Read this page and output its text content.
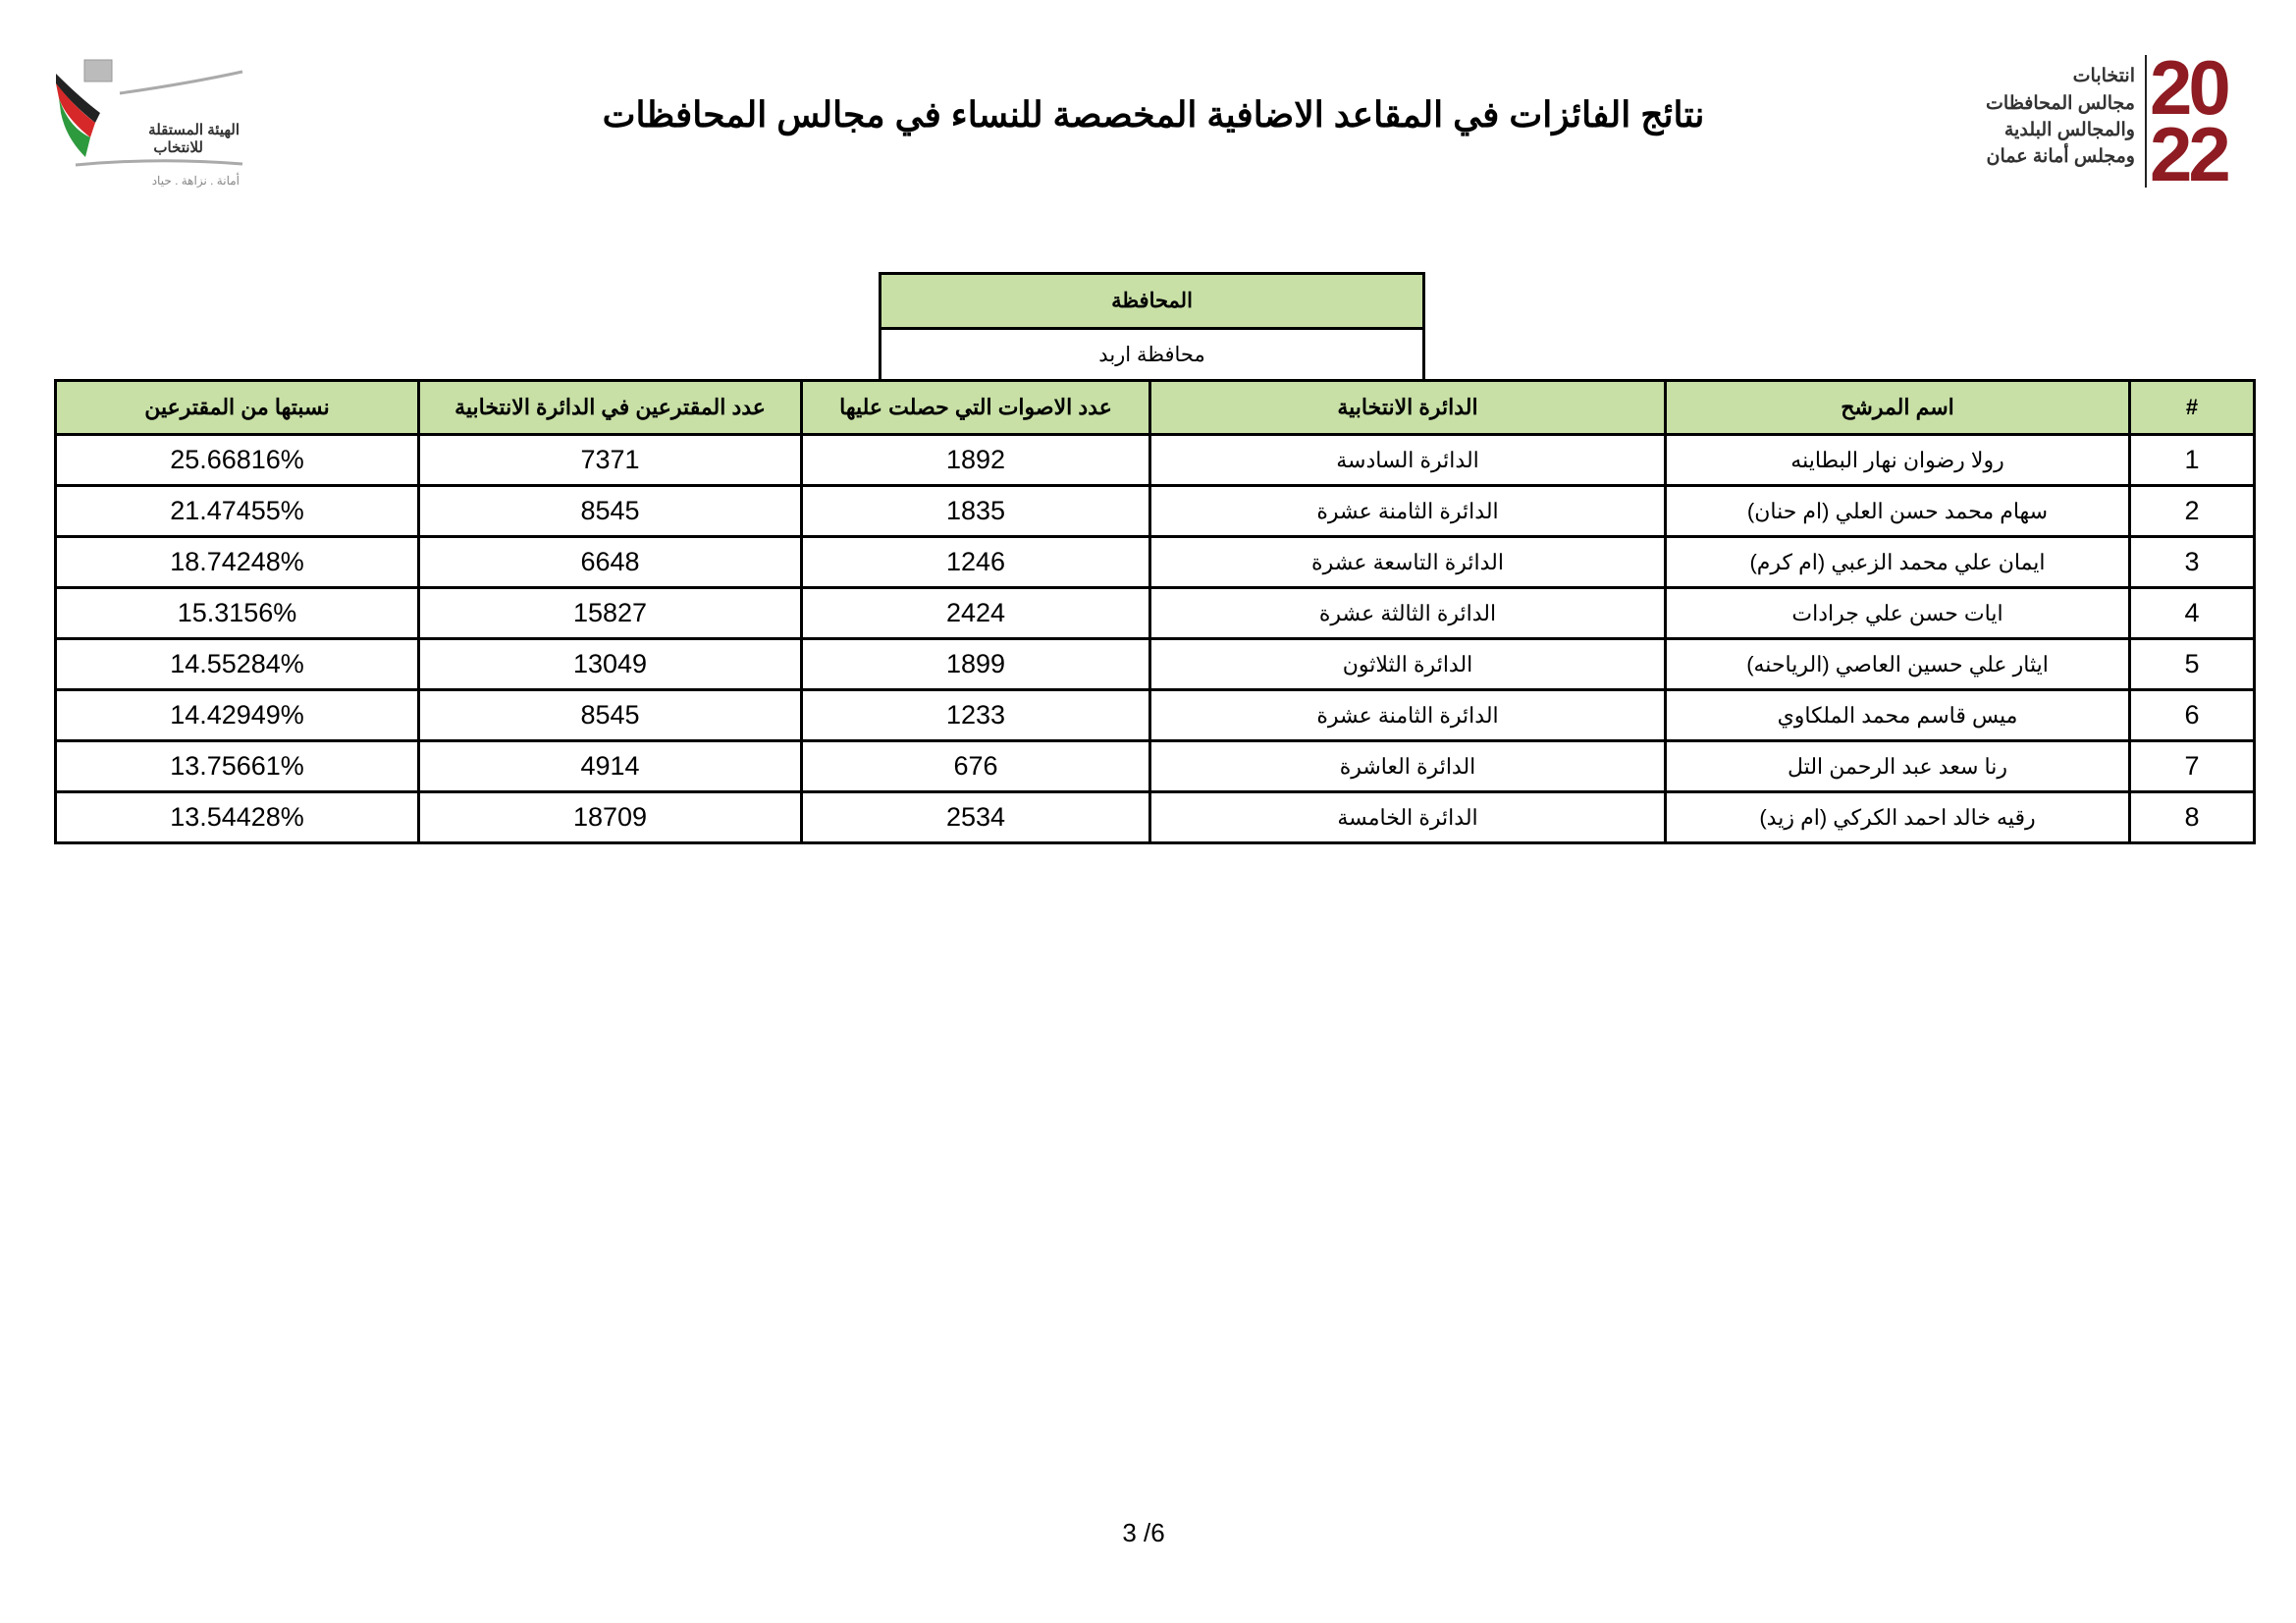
الهيئة المستقلة
للانتخاب
أمانة . نزاهة . حياد
نتائج الفائزات في المقاعد الاضافية المخصصة للنساء في مجالس المحافظات	20
22
انتخابات
مجالس المحافظات
والمجالس البلدية
ومجلس أمانة عمان
المحافظة
محافظة اربد
#	اسم المرشح	الدائرة الانتخابية	عدد الاصوات التي حصلت عليها	عدد المقترعين في الدائرة الانتخابية	نسبتها من المقترعين
1	رولا رضوان نهار البطاينه	الدائرة السادسة	1892	7371	25.66816%
2	سهام محمد حسن العلي (ام حنان)	الدائرة الثامنة عشرة	1835	8545	21.47455%
3	ايمان علي محمد الزعبي (ام كرم)	الدائرة التاسعة عشرة	1246	6648	18.74248%
4	ايات حسن علي جرادات	الدائرة الثالثة عشرة	2424	15827	15.3156%
5	ايثار علي حسين العاصي (الرياحنه)	الدائرة الثلاثون	1899	13049	14.55284%
6	ميس قاسم محمد الملكاوي	الدائرة الثامنة عشرة	1233	8545	14.42949%
7	رنا سعد عبد الرحمن التل	الدائرة العاشرة	676	4914	13.75661%
8	رقيه خالد احمد الكركي (ام زيد)	الدائرة الخامسة	2534	18709	13.54428%
3 /6
